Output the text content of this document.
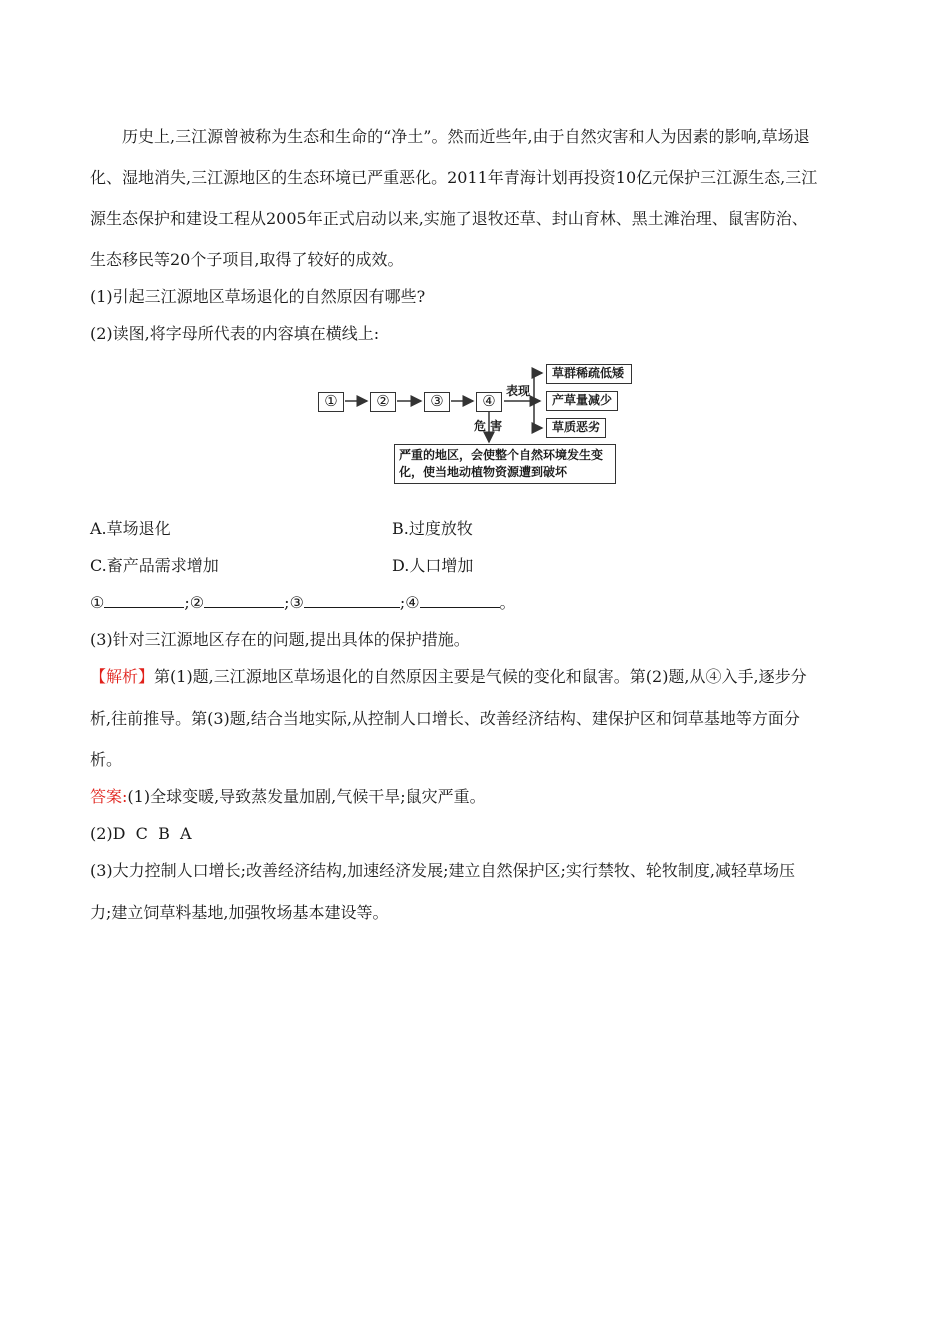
历史上,三江源曾被称为生态和生命的“净土”。然而近些年,由于自然灾害和人为因素的影响,草场退
化、湿地消失,三江源地区的生态环境已严重恶化。2011年青海计划再投资10亿元保护三江源生态,三江
源生态保护和建设工程从2005年正式启动以来,实施了退牧还草、封山育林、黑土滩治理、鼠害防治、
生态移民等20个子项目,取得了较好的成效。
(1)引起三江源地区草场退化的自然原因有哪些?
(2)读图,将字母所代表的内容填在横线上:
①	②	③	④
表现
危 害
草群稀疏低矮
产草量减少
草质恶劣
严重的地区，会使整个自然环境发生变
化，使当地动植物资源遭到破坏
A.草场退化	B.过度放牧
C.畜产品需求增加	D.人口增加
①	;②	;③	;④	。
(3)针对三江源地区存在的问题,提出具体的保护措施。
【解析】第(1)题,三江源地区草场退化的自然原因主要是气候的变化和鼠害。第(2)题,从④入手,逐步分
析,往前推导。第(3)题,结合当地实际,从控制人口增长、改善经济结构、建保护区和饲草基地等方面分
析。
答案:(1)全球变暖,导致蒸发量加剧,气候干旱;鼠灾严重。
(2)D  C  B  A
(3)大力控制人口增长;改善经济结构,加速经济发展;建立自然保护区;实行禁牧、轮牧制度,减轻草场压
力;建立饲草料基地,加强牧场基本建设等。
